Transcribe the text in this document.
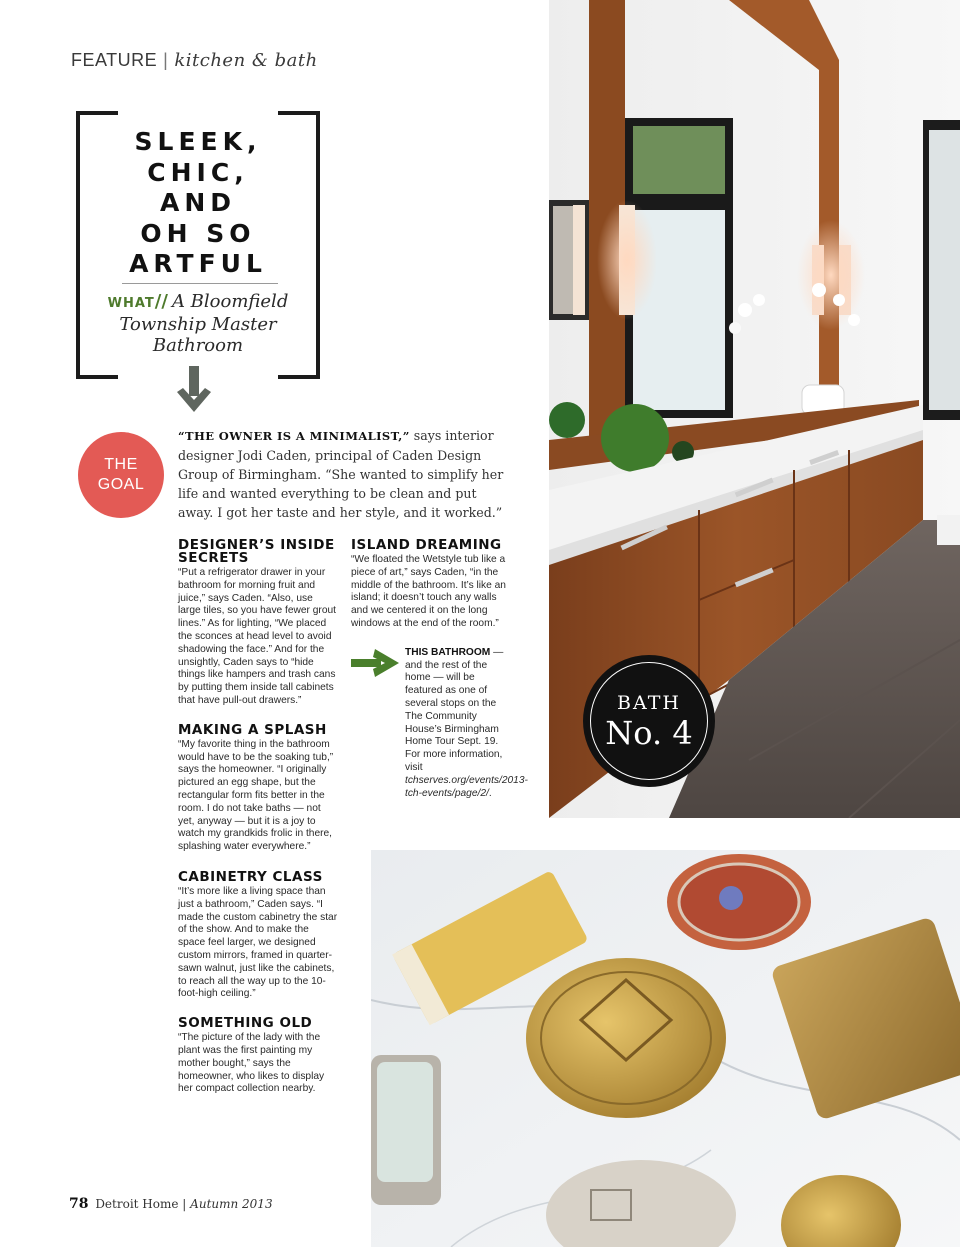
FEATURE | kitchen & bath
SLEEK,
CHIC,
AND
OH SO
ARTFUL
WHAT// A Bloomfield Township Master Bathroom
THE
GOAL

“THE OWNER IS A MINIMALIST,” says interior designer Jodi Caden, principal of Caden Design Group of Birmingham. “She wanted to simplify her life and wanted everything to be clean and put away. I got her taste and her style, and it worked.”

DESIGNER’S INSIDE SECRETS

“Put a refrigerator drawer in your bathroom for morning fruit and juice,” says Caden. “Also, use large tiles, so you have fewer grout lines.” As for lighting, “We placed the sconces at head level to avoid shadowing the face.” And for the unsightly, Caden says to “hide things like hampers and trash cans by putting them inside tall cabinets that have pull-out drawers.”

MAKING A SPLASH

“My favorite thing in the bathroom would have to be the soaking tub,” says the homeowner. “I originally pictured an egg shape, but the rectangular form fits better in the room. I do not take baths — not yet, anyway — but it is a joy to watch my grandkids frolic in there, splashing water everywhere.”

CABINETRY CLASS

“It’s more like a living space than just a bathroom,” Caden says. “I made the custom cabinetry the star of the show. And to make the space feel larger, we designed custom mirrors, framed in quarter-sawn walnut, just like the cabinets, to reach all the way up to the 10-foot-high ceiling.”

SOMETHING OLD

“The picture of the lady with the plant was the first painting my mother bought,” says the homeowner, who likes to display her compact collection nearby.

ISLAND DREAMING

“We floated the Wetstyle tub like a piece of art,” says Caden, “in the middle of the bathroom. It’s like an island; it doesn’t touch any walls and we centered it on the long windows at the end of the room.”

THIS BATHROOM — and the rest of the home — will be featured as one of several stops on the The Community House’s Birmingham Home Tour Sept. 19. For more information, visit tchserves.org/events/2013-tch-events/page/2/.
BATH
No. 4
78 Detroit Home | Autumn 2013
